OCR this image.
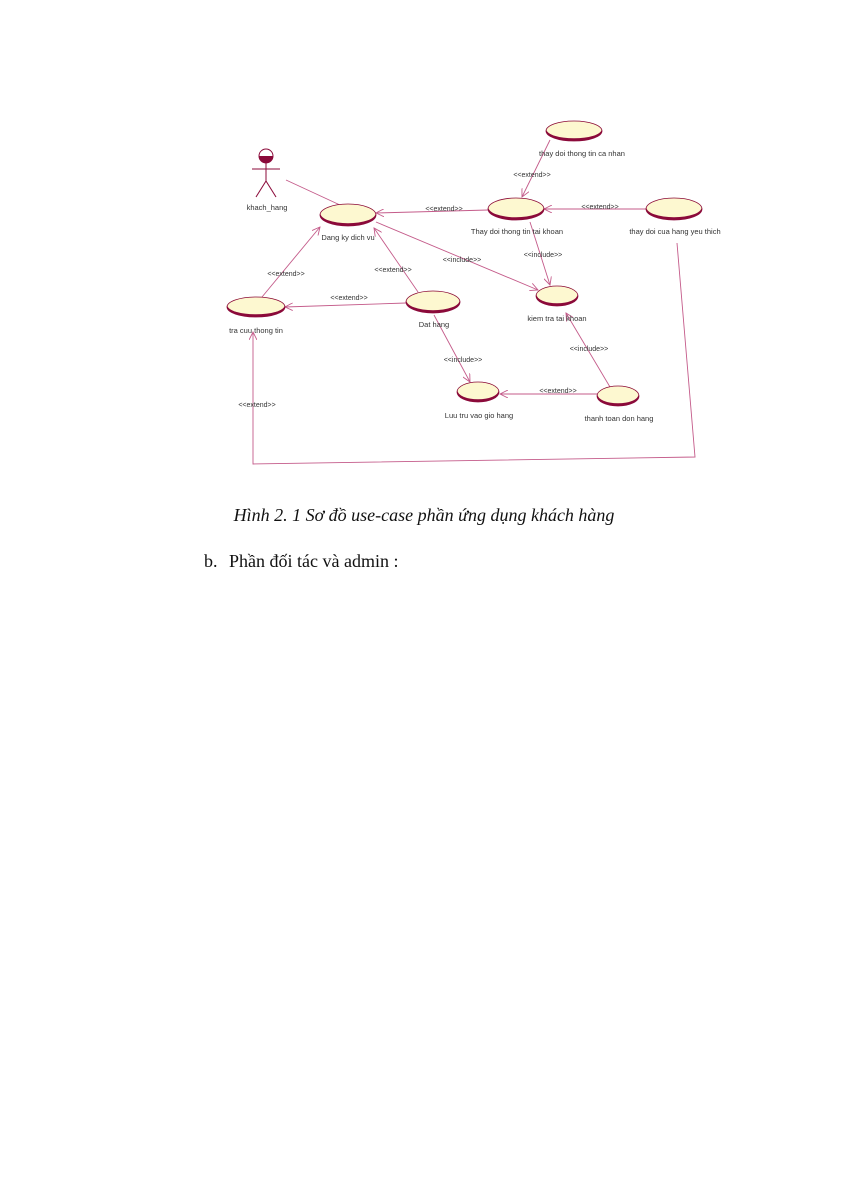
khach_hang
thay doi thong tin ca nhan
Dang ky dich vu
Thay doi thong tin tai khoan	thay doi cua hang yeu thich
kiem tra tai khoan
tra cuu thong tin
Dat hang
Luu tru vao gio hang	thanh toan don hang
<<extend>>
<<extend>>	<<extend>>
<<include>>
<<include>>
<<extend>>
<<extend>>
<<extend>>
<<include>>
<<extend>>
<<include>>
<<extend>>
Hình 2. 1 Sơ đồ use-case phần ứng dụng khách hàng
b. Phần đối tác và admin :
